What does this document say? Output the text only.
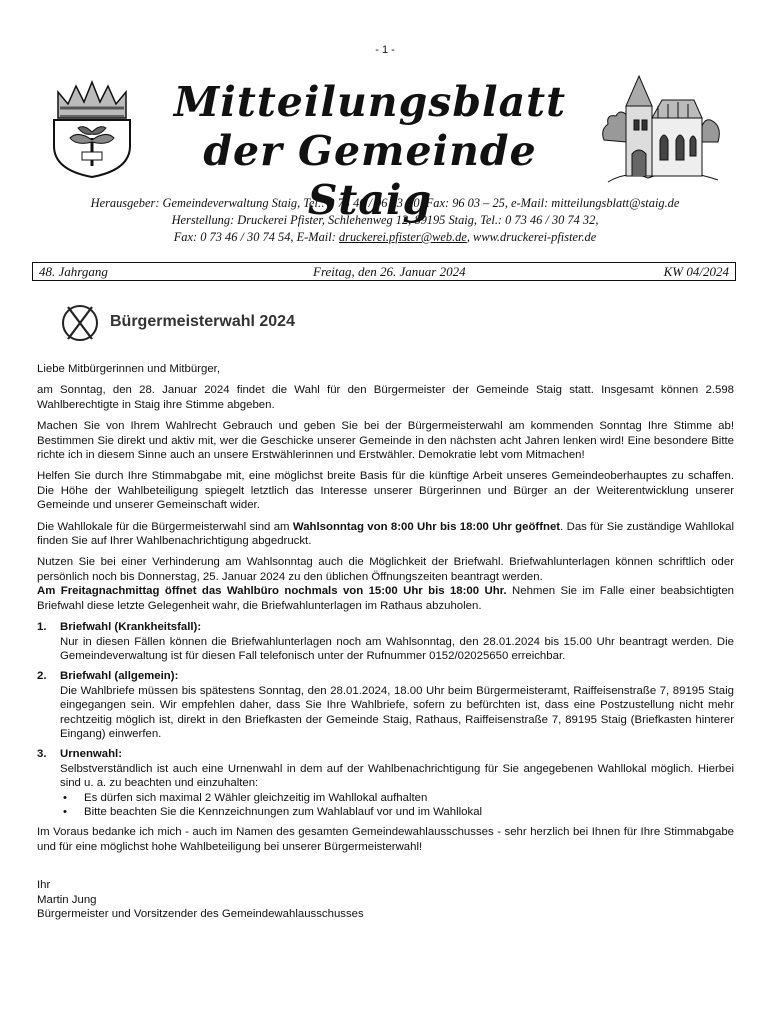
- 1 -
Mitteilungsblatt
der Gemeinde Staig
Herausgeber: Gemeindeverwaltung Staig, Tel.: 0 73 46 / 96 03 - 0, Fax: 96 03 – 25, e-Mail: mitteilungsblatt@staig.de
Herstellung: Druckerei Pfister, Schlehenweg 12, 89195 Staig, Tel.: 0 73 46 / 30 74 32,
Fax: 0 73 46 / 30 74 54, E-Mail: druckerei.pfister@web.de, www.druckerei-pfister.de
48. Jahrgang	Freitag, den 26. Januar 2024	KW 04/2024
Bürgermeisterwahl 2024

Liebe Mitbürgerinnen und Mitbürger,

am Sonntag, den 28. Januar 2024 findet die Wahl für den Bürgermeister der Gemeinde Staig statt. Insgesamt können 2.598 Wahlberechtigte in Staig ihre Stimme abgeben.

Machen Sie von Ihrem Wahlrecht Gebrauch und geben Sie bei der Bürgermeisterwahl am kommenden Sonntag Ihre Stimme ab! Bestimmen Sie direkt und aktiv mit, wer die Geschicke unserer Gemeinde in den nächsten acht Jahren lenken wird! Eine besondere Bitte richte ich in diesem Sinne auch an unsere Erstwählerinnen und Erstwähler. Demokratie lebt vom Mitmachen!

Helfen Sie durch Ihre Stimmabgabe mit, eine möglichst breite Basis für die künftige Arbeit unseres Gemeindeoberhauptes zu schaffen. Die Höhe der Wahlbeteiligung spiegelt letztlich das Interesse unserer Bürgerinnen und Bürger an der Weiterentwicklung unserer Gemeinde und unserer Gemeinschaft wider.

Die Wahllokale für die Bürgermeisterwahl sind am Wahlsonntag von 8:00 Uhr bis 18:00 Uhr geöffnet. Das für Sie zuständige Wahllokal finden Sie auf Ihrer Wahlbenachrichtigung abgedruckt.

Nutzen Sie bei einer Verhinderung am Wahlsonntag auch die Möglichkeit der Briefwahl. Briefwahlunterlagen können schriftlich oder persönlich noch bis Donnerstag, 25. Januar 2024 zu den üblichen Öffnungszeiten beantragt werden.
Am Freitagnachmittag öffnet das Wahlbüro nochmals von 15:00 Uhr bis 18:00 Uhr. Nehmen Sie im Falle einer beabsichtigten Briefwahl diese letzte Gelegenheit wahr, die Briefwahlunterlagen im Rathaus abzuholen.

1. Briefwahl (Krankheitsfall):
Nur in diesen Fällen können die Briefwahlunterlagen noch am Wahlsonntag, den 28.01.2024 bis 15.00 Uhr beantragt werden. Die Gemeindeverwaltung ist für diesen Fall telefonisch unter der Rufnummer 0152/02025650 erreichbar.
2. Briefwahl (allgemein):
Die Wahlbriefe müssen bis spätestens Sonntag, den 28.01.2024, 18.00 Uhr beim Bürgermeisteramt, Raiffeisenstraße 7, 89195 Staig eingegangen sein. Wir empfehlen daher, dass Sie Ihre Wahlbriefe, sofern zu befürchten ist, dass eine Postzustellung nicht mehr rechtzeitig möglich ist, direkt in den Briefkasten der Gemeinde Staig, Rathaus, Raiffeisenstraße 7, 89195 Staig (Briefkasten hinterer Eingang) einwerfen.
3. Urnenwahl:
Selbstverständlich ist auch eine Urnenwahl in dem auf der Wahlbenachrichtigung für Sie angegebenen Wahllokal möglich. Hierbei sind u. a. zu beachten und einzuhalten:
• Es dürfen sich maximal 2 Wähler gleichzeitig im Wahllokal aufhalten
• Bitte beachten Sie die Kennzeichnungen zum Wahlablauf vor und im Wahllokal

Im Voraus bedanke ich mich - auch im Namen des gesamten Gemeindewahlausschusses - sehr herzlich bei Ihnen für Ihre Stimmabgabe und für eine möglichst hohe Wahlbeteiligung bei unserer Bürgermeisterwahl!

Ihr
Martin Jung
Bürgermeister und Vorsitzender des Gemeindewahlausschusses
